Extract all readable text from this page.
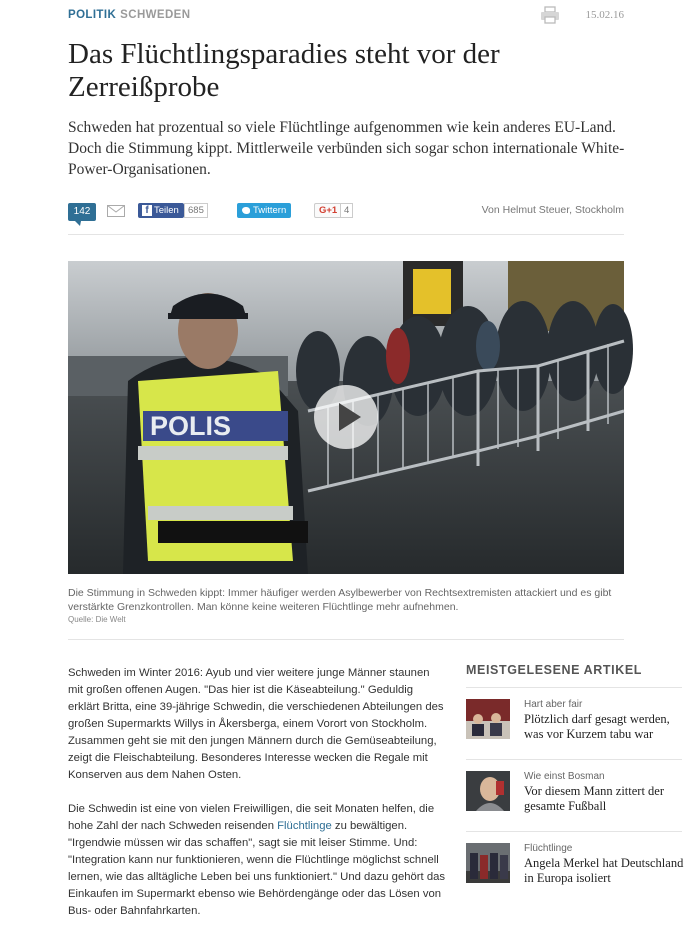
POLITIK SCHWEDEN	15.02.16
Das Flüchtlingsparadies steht vor der Zerreißprobe

Schweden hat prozentual so viele Flüchtlinge aufgenommen wie kein anderes EU-Land. Doch die Stimmung kippt. Mittlerweile verbünden sich sogar schon internationale White-Power-Organisationen.

142	f Teilen 685	Twittern	G+1 4	Von Helmut Steuer, Stockholm
POLIS
Die Stimmung in Schweden kippt: Immer häufiger werden Asylbewerber von Rechtsextremisten attackiert und es gibt verstärkte Grenzkontrollen. Man könne keine weiteren Flüchtlinge mehr aufnehmen.
Quelle: Die Welt

Schweden im Winter 2016: Ayub und vier weitere junge Männer staunen mit großen offenen Augen. "Das hier ist die Käseabteilung." Geduldig erklärt Britta, eine 39-jährige Schwedin, die verschiedenen Abteilungen des großen Supermarkts Willys in Åkersberga, einem Vorort von Stockholm. Zusammen geht sie mit den jungen Männern durch die Gemüseabteilung, zeigt die Fleischabteilung. Besonderes Interesse wecken die Regale mit Konserven aus dem Nahen Osten.

Die Schwedin ist eine von vielen Freiwilligen, die seit Monaten helfen, die hohe Zahl der nach Schweden reisenden Flüchtlinge zu bewältigen. "Irgendwie müssen wir das schaffen", sagt sie mit leiser Stimme. Und: "Integration kann nur funktionieren, wenn die Flüchtlinge möglichst schnell lernen, wie das alltägliche Leben bei uns funktioniert." Und dazu gehört das Einkaufen im Supermarkt ebenso wie Behördengänge oder das Lösen von Bus- oder Bahnfahrkarten.

MEISTGELESENE ARTIKEL
Hart aber fair
Plötzlich darf gesagt werden, was vor Kurzem tabu war
Wie einst Bosman
Vor diesem Mann zittert der gesamte Fußball
Flüchtlinge
Angela Merkel hat Deutschland in Europa isoliert
